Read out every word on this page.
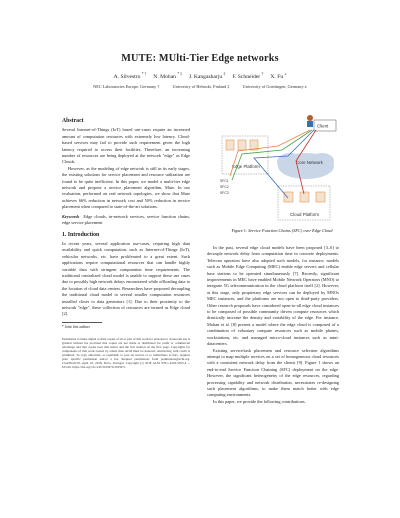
MUTE: MUlti-Tier Edge networks
A. Silvestro * † N. Mohan * ‡ J. Kangasharju ‡ F. Schneider † X. Fu ⁎
NEC Laboratories Europe, Germany †	University of Helsinki, Finland ‡	University of Goettingen, Germany ⁎
Abstract

Several Internet-of-Things (IoT) based use-cases require an increased amount of computation resources with extremely low latency. Cloud-based services may fail to provide such requirement given the high latency required to access their facilities. Therefore, an increasing number of resources are being deployed at the network "edge" as Edge Clouds.

However, as the modeling of edge network is still in its early stages, the existing solutions for service placement and resource utilization are found to be quite inefficient. In this paper, we model a multi-tier edge network and propose a service placement algorithm, Mute. In our evaluation, performed on real network topologies, we show that Mute achieves 66% reduction in network cost and 50% reduction in service placement when compared to state-of-the-art solutions.

Keywords Edge clouds, in-network services, service function chains, edge service placement
1. Introduction

In recent years, several application use-cases, requiring high data availability and quick computation, such as Internet-of-Things (IoT), vehicular networks, etc. have proliferated to a great extent. Such applications require computational resources that can handle highly variable data with stringent computation time requirements. The traditional centralized cloud model is unable to support these use cases due to possibly high network delays encountered while offloading data to the location of cloud data centers. Researchers have proposed decoupling the traditional cloud model to several smaller computation resources installed closer to data generators [1]. Due to their proximity to the network "edge", these collection of resources are termed as Edge cloud [2].

* Joint first authors
Permission to make digital or hard copies of all or part of this work for personal or classroom use is granted without fee provided that copies are not made or distributed for profit or commercial advantage and that copies bear this notice and the full citation on the first page. Copyrights for components of this work owned by others than ACM must be honored. Abstracting with credit is permitted. To copy otherwise, or republish, to post on servers or to redistribute to lists, requires prior specific permission and/or a fee. Request permissions from permissions@acm.org. CloudTech'18, April 23, 2018, Porto, Portugal. Copyright (c) 2018 ACM 978-1-4503-5655-4 ... $15.00. https://doi.org/10.1145/3195970.3195971
Core Network
Client
Edge Platform
Cloud Platform
SFC1
SFC2
SFC3
Figure 1: Service Function Chains (SFC) over Edge Cloud

In the past, several edge cloud models have been proposed [3–6] to decouple network delay from computation time in concrete deployments. Telecom operators have also adopted such models, for instance, models such as Mobile Edge Computing (MEC) enable edge servers and cellular base stations to be operated simultaneously [7]. Recently, significant improvements in MEC have enabled Mobile Network Operators (MNO) to integrate 5G telecommunication in the cloud platform itself [2]. However, at this stage, only proprietary edge services can be deployed by MNOs MEC instances, and the platforms are not open to third-party providers. Other research proposals have considered open-to-all edge cloud instances to be composed of possible community driven compute resources which drastically increase the density and variability of the edge. For instance, Mohan et al. [8] present a model where the edge cloud is composed of a combination of voluntary compute resources such as mobile phones, workstations, etc. and managed micro-cloud instances such as mini-datacenters.

Existing service/task placement and resource selection algorithms attempt to map multiple services on a set of homogeneous cloud resources with a consistent network delay from the clients [9]. Figure 1 shows an end-to-end Service Function Chaining (SFC) deployment on the edge. However, the significant heterogeneity of the edge resources, regarding processing capability and network distribution, necessitates re-designing such placement algorithms, to make them match better with edge computing environments.

In this paper, we provide the following contributions.
